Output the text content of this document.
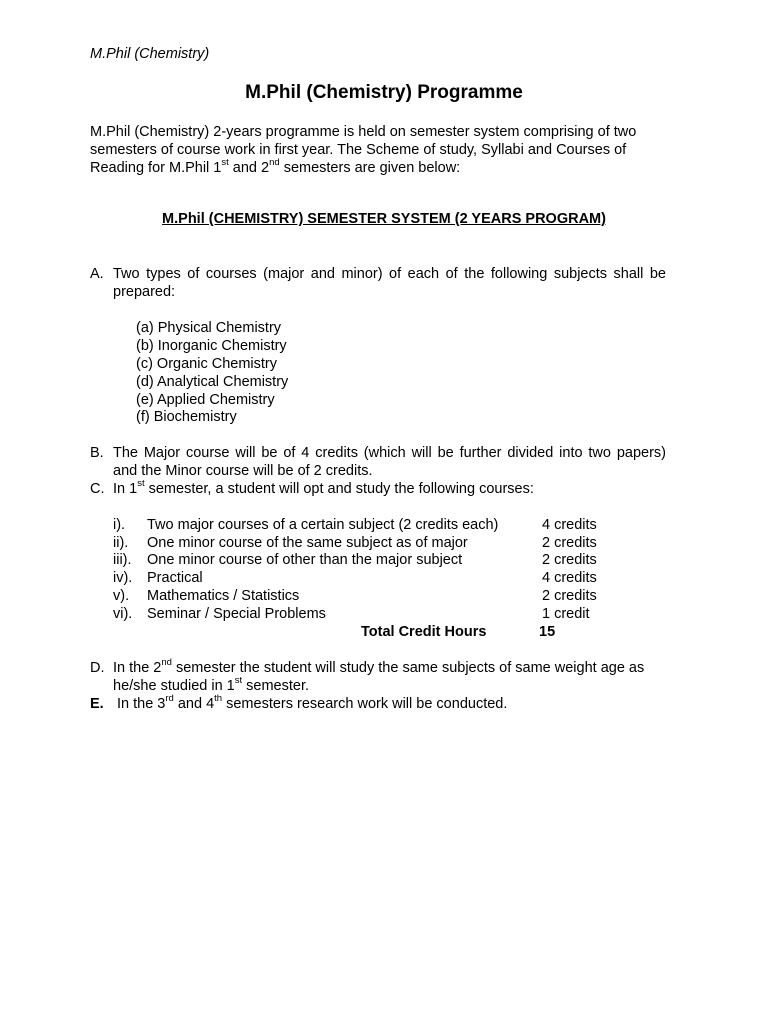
M.Phil (Chemistry)
M.Phil (Chemistry) Programme
M.Phil (Chemistry) 2-years programme is held on semester system comprising of two
semesters of course work in first year. The Scheme of study, Syllabi and Courses of
Reading for M.Phil 1st and 2nd semesters are given below:
M.Phil (CHEMISTRY) SEMESTER SYSTEM (2 YEARS PROGRAM)
A. Two types of courses (major and minor) of each of the following subjects shall be prepared:
(a) Physical Chemistry
(b) Inorganic Chemistry
(c) Organic Chemistry
(d) Analytical Chemistry
(e) Applied Chemistry
(f) Biochemistry
B. The Major course will be of 4 credits (which will be further divided into two papers) and the Minor course will be of 2 credits.
C. In 1st semester, a student will opt and study the following courses:
i). Two major courses of a certain subject (2 credits each)	4 credits
ii). One minor course of the same subject as of major	2 credits
iii). One minor course of other than the major subject	2 credits
iv). Practical	4 credits
v). Mathematics / Statistics	2 credits
vi). Seminar / Special Problems	1 credit
Total Credit Hours	15
D. In the 2nd semester the student will study the same subjects of same weight age as
he/she studied in 1st semester.
E. In the 3rd and 4th semesters research work will be conducted.
